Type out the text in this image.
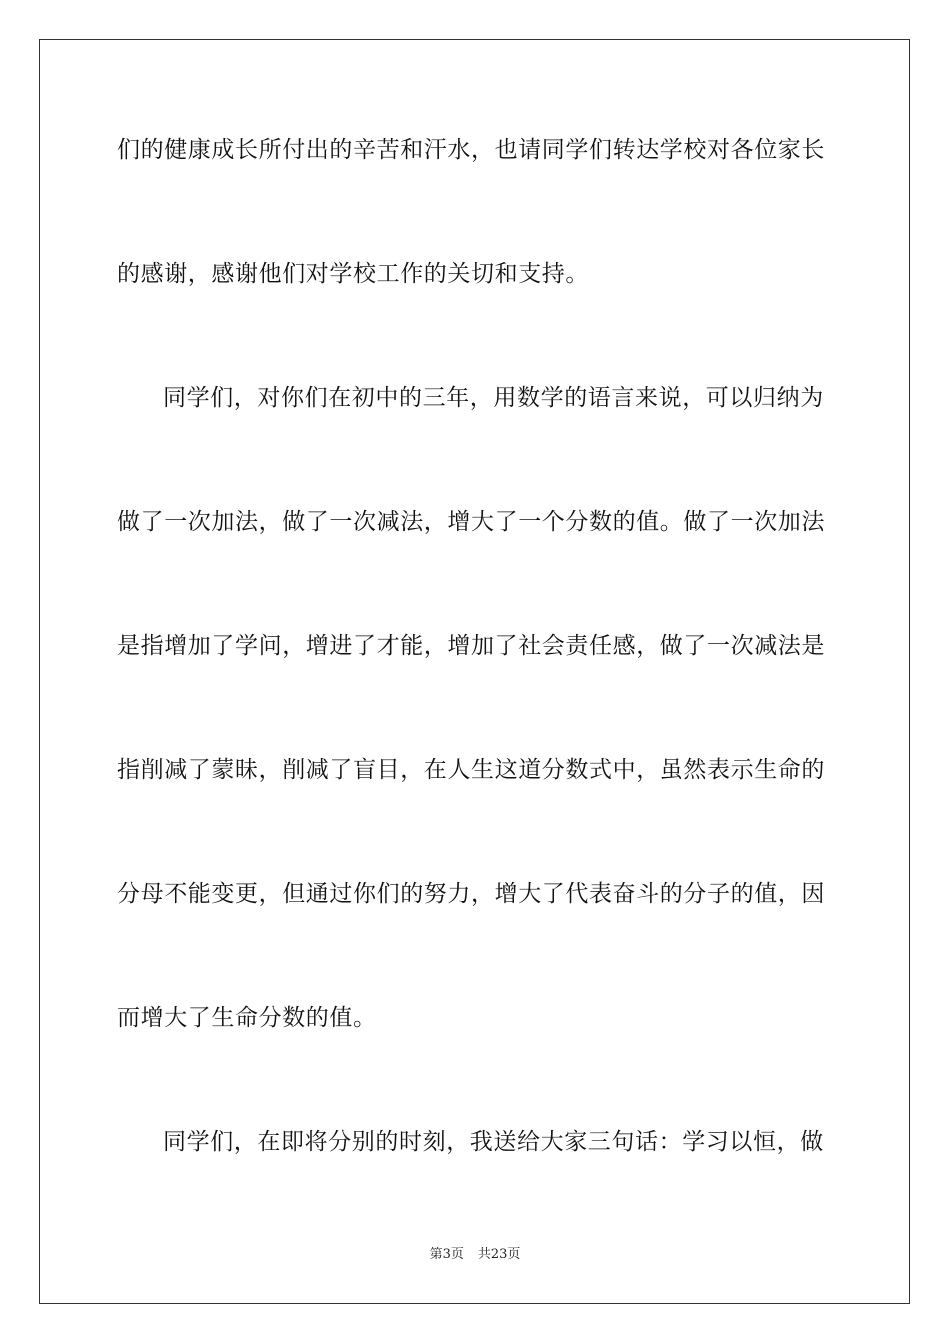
们的健康成长所付出的辛苦和汗水，也请同学们转达学校对各位家长
的感谢，感谢他们对学校工作的关切和支持。
同学们，对你们在初中的三年，用数学的语言来说，可以归纳为
做了一次加法，做了一次减法，增大了一个分数的值。做了一次加法
是指增加了学问，增进了才能，增加了社会责任感，做了一次减法是
指削减了蒙昧，削减了盲目，在人生这道分数式中，虽然表示生命的
分母不能变更，但通过你们的努力，增大了代表奋斗的分子的值，因
而增大了生命分数的值。
同学们，在即将分别的时刻，我送给大家三句话：学习以恒，做
第3页 共23页
